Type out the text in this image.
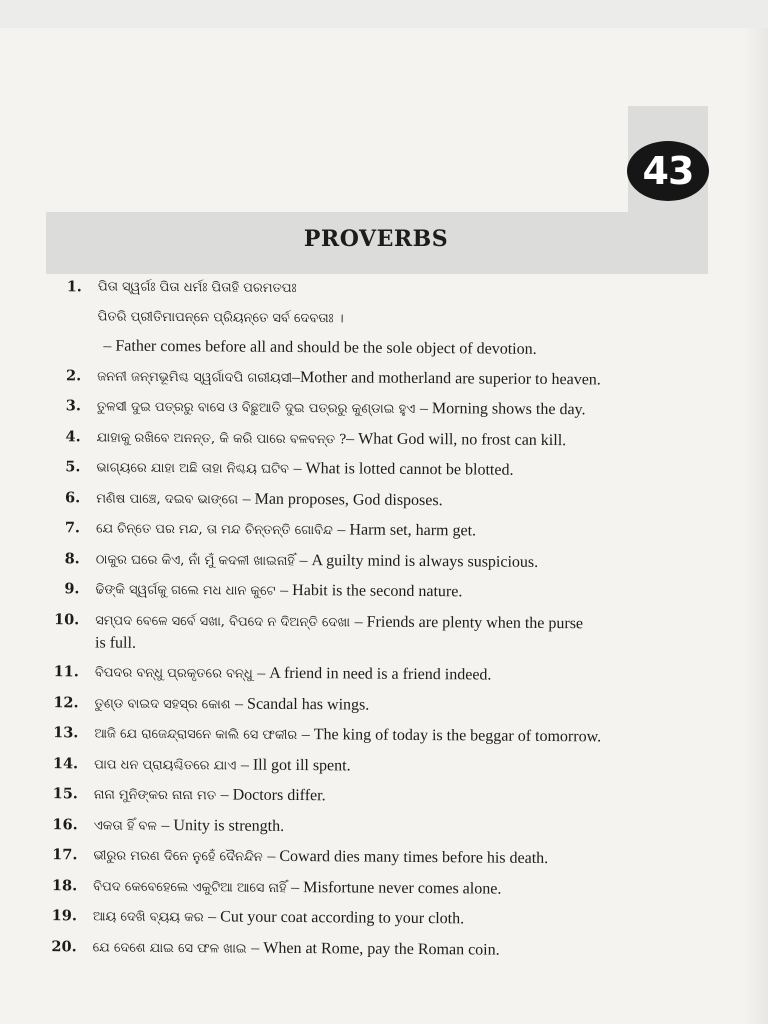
43
PROVERBS
1. ପିତା ସ୍ୱର୍ଗଃ ପିତା ଧର୍ମଃ ପିତାହି ପରମତପଃ
ପିତରି ପ୍ରୀତିମାପନ୍ନେ ପ୍ରିୟନ୍ତେ ସର୍ବ ଦେବତାଃ ।
– Father comes before all and should be the sole object of devotion.
2. ଜନନୀ ଜନ୍ମଭୂମିଶ୍ଚ ସ୍ୱର୍ଗାଦପି ଗରୀୟସୀ–Mother and motherland are superior to heaven.
3. ତୁଳସୀ ଦୁଇ ପତ୍ରରୁ ବାସେ ଓ ବିଛୁଆତି ଦୁଇ ପତ୍ରରୁ କୁଣ୍ଡାଇ ହୁଏ – Morning shows the day.
4. ଯାହାକୁ ରଖିବେ ଅନନ୍ତ, କି କରି ପାରେ ବଳବନ୍ତ ?– What God will, no frost can kill.
5. ଭାଗ୍ୟରେ ଯାହା ଅଛି ତାହା ନିଶ୍ଚୟ ଘଟିବ – What is lotted cannot be blotted.
6. ମଣିଷ ପାଞ୍ଚେ, ଦଇବ ଭାଙ୍ଗେ – Man proposes, God disposes.
7. ଯେ ଚିନ୍ତେ ପର ମନ୍ଦ, ତା ମନ୍ଦ ଚିନ୍ତନ୍ତି ଗୋବିନ୍ଦ – Harm set, harm get.
8. ଠାକୁର ଘରେ କିଏ, ନାଁ ମୁଁ କଦଳୀ ଖାଇନାହିଁ – A guilty mind is always suspicious.
9. ଢିଙ୍କି ସ୍ୱର୍ଗକୁ ଗଲେ ମଧ ଧାନ କୁଟେ – Habit is the second nature.
10. ସମ୍ପଦ ବେଳେ ସର୍ବେ ସଖା, ବିପଦେ ନ ଦିଅନ୍ତି ଦେଖା – Friends are plenty when the purse
is full.
11. ବିପଦର ବନ୍ଧୁ ପ୍ରକୃତରେ ବନ୍ଧୁ – A friend in need is a friend indeed.
12. ତୁଣ୍ଡ ବାଇଦ ସହସ୍ର କୋଶ – Scandal has wings.
13. ଆଜି ଯେ ରାଜେନ୍ଦ୍ରାସନେ କାଲି ସେ ଫକୀର – The king of today is the beggar of tomorrow.
14. ପାପ ଧନ ପ୍ରାୟଶ୍ଚିତରେ ଯାଏ – Ill got ill spent.
15. ନାନା ମୁନିଙ୍କର ନାନା ମତ – Doctors differ.
16. ଏକତା ହିଁ ବଳ – Unity is strength.
17. ଭୀରୁର ମରଣ ଦିନେ ନୁହେଁ ଦୈନନ୍ଦିନ – Coward dies many times before his death.
18. ବିପଦ କେବେହେଲେ ଏକୁଟିଆ ଆସେ ନାହିଁ – Misfortune never comes alone.
19. ଆୟ ଦେଖି ବ୍ୟୟ କର – Cut your coat according to your cloth.
20. ଯେ ଦେଶେ ଯାଇ ସେ ଫଳ ଖାଇ – When at Rome, pay the Roman coin.
